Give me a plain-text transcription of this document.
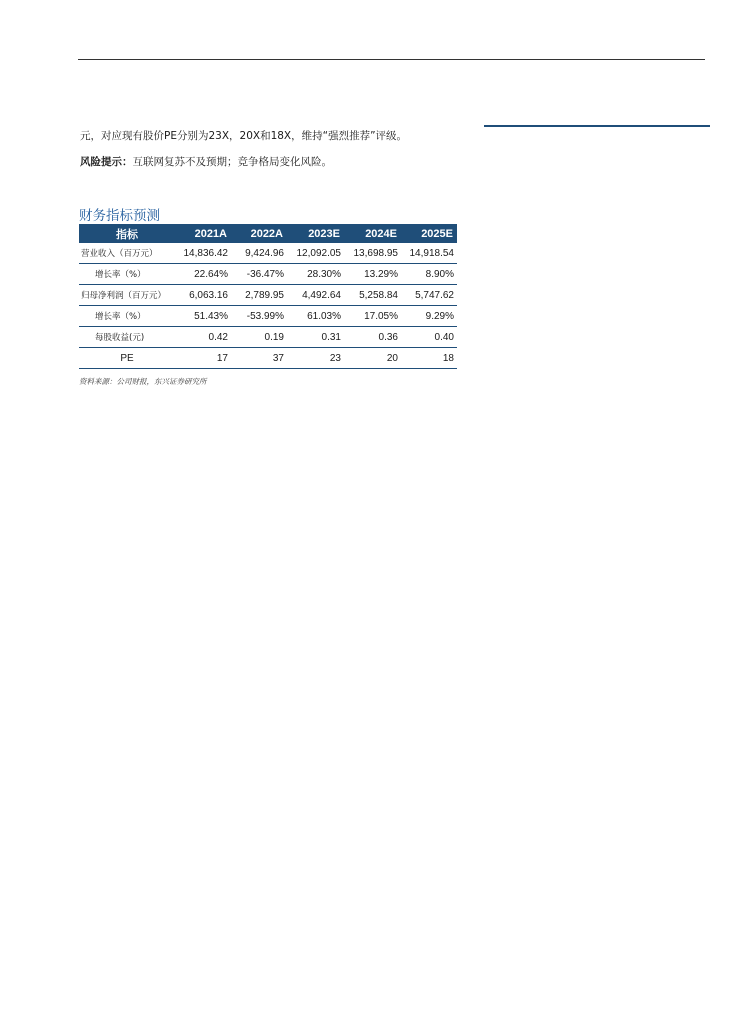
元，对应现有股价PE分别为23X，20X和18X，维持“强烈推荐”评级。
风险提示：互联网复苏不及预期；竞争格局变化风险。
财务指标预测
指标	2021A	2022A	2023E	2024E	2025E
营业收入（百万元）	14,836.42	9,424.96	12,092.05	13,698.95	14,918.54
增长率（%）	22.64%	-36.47%	28.30%	13.29%	8.90%
归母净利润（百万元）	6,063.16	2,789.95	4,492.64	5,258.84	5,747.62
增长率（%）	51.43%	-53.99%	61.03%	17.05%	9.29%
每股收益(元)	0.42	0.19	0.31	0.36	0.40
PE	17	37	23	20	18
资料来源：公司财报，东兴证券研究所
